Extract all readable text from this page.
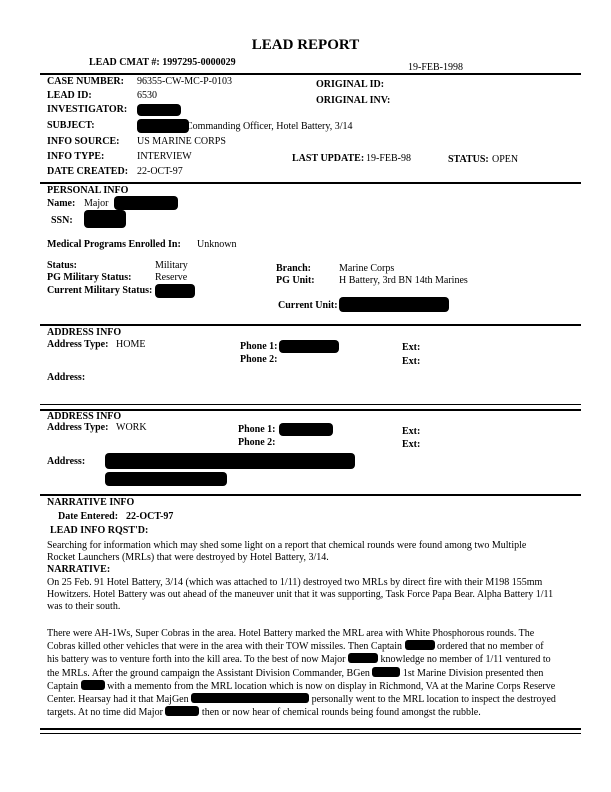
LEAD REPORT
LEAD CMAT #: 1997295-0000029	19-FEB-1998
CASE NUMBER: 96355-CW-MC-P-0103	ORIGINAL ID:
LEAD ID:	6530	ORIGINAL INV:
INVESTIGATOR:
SUBJECT:	Commanding Officer, Hotel Battery, 3/14
INFO SOURCE: US MARINE CORPS
INFO TYPE:	INTERVIEW	LAST UPDATE: 19-FEB-98	STATUS: OPEN
DATE CREATED: 22-OCT-97
PERSONAL INFO
Name: Major
SSN:
Medical Programs Enrolled In: Unknown
Status:	Military	Branch:	Marine Corps
PG Military Status: Reserve	PG Unit: H Battery, 3rd BN 14th Marines
Current Military Status:
Current Unit:
ADDRESS INFO
Address Type: HOME	Phone 1:	Ext:
Phone 2:	Ext:
Address:
ADDRESS INFO
Address Type: WORK	Phone 1:	Ext:
Phone 2:	Ext:
Address:
NARRATIVE INFO
Date Entered: 22-OCT-97
LEAD INFO RQST'D:
Searching for information which may shed some light on a report that chemical rounds were found among two Multiple Rocket Launchers (MRLs) that were destroyed by Hotel Battery, 3/14.
NARRATIVE:
On 25 Feb. 91 Hotel Battery, 3/14 (which was attached to 1/11) destroyed two MRLs by direct fire with their M198 155mm Howitzers. Hotel Battery was out ahead of the maneuver unit that it was supporting, Task Force Papa Bear. Alpha Battery 1/11 was to their south.
There were AH-1Ws, Super Cobras in the area. Hotel Battery marked the MRL area with White Phosphorous rounds. The Cobras killed other vehicles that were in the area with their TOW missiles. Then Captain	ordered that no member of his battery was to venture forth into the kill area. To the best of now Major	knowledge no member of 1/11 ventured to the MRLs. After the ground campaign the Assistant Division Commander, BGen	1st Marine Division presented then Captain	with a memento from the MRL location which is now on display in Richmond, VA at the Marine Corps Reserve Center. Hearsay had it that MajGen	personally went to the MRL location to inspect the destroyed targets. At no time did Major	then or now hear of chemical rounds being found amongst the rubble.
